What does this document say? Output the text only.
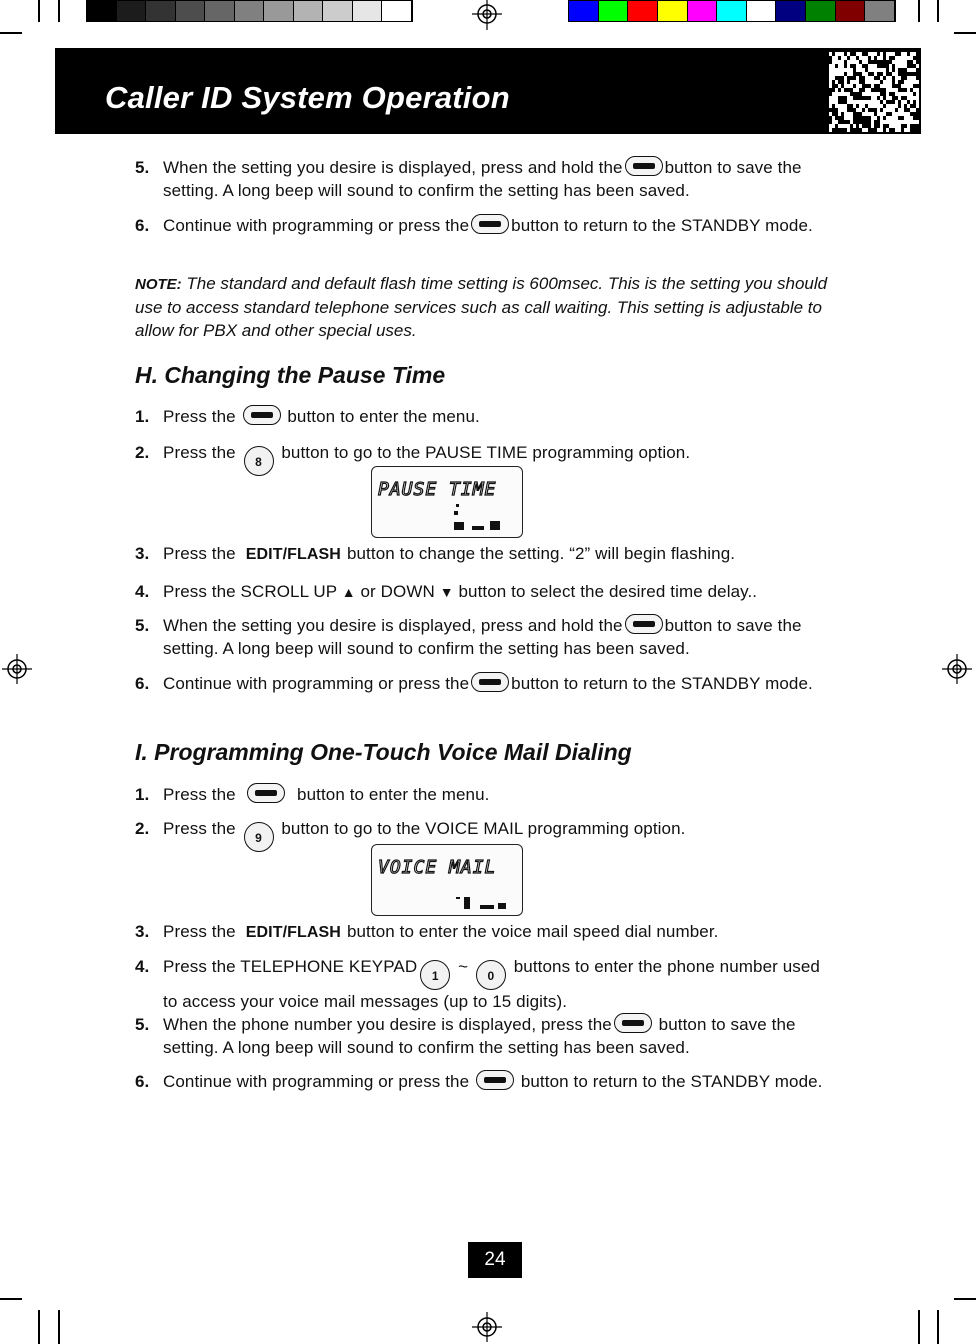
Caller ID System Operation
5. When the setting you desire is displayed, press and hold the button to save the setting. A long beep will sound to confirm the setting has been saved.
6. Continue with programming or press the button to return to the STANDBY mode.
NOTE: The standard and default flash time setting is 600msec. This is the setting you should use to access standard telephone services such as call waiting. This setting is adjustable to allow for PBX and other special uses.
H. Changing the Pause Time
1. Press the	button to enter the menu.
2. Press the 8 button to go to the PAUSE TIME programming option.
PAUSE TIME
3. Press the EDIT/FLASH button to change the setting. “2” will begin flashing.
4. Press the SCROLL UP ▲ or DOWN ▼ button to select the desired time delay..
5. When the setting you desire is displayed, press and hold the button to save the setting. A long beep will sound to confirm the setting has been saved.
6. Continue with programming or press the button to return to the STANDBY mode.
I. Programming One-Touch Voice Mail Dialing
1. Press the	button to enter the menu.
2. Press the 9 button to go to the VOICE MAIL programming option.
VOICE MAIL
3. Press the EDIT/FLASH button to enter the voice mail speed dial number.
4. Press the TELEPHONE KEYPAD 1 ~ 0 buttons to enter the phone number used to access your voice mail messages (up to 15 digits).
5. When the phone number you desire is displayed, press the	button to save the setting. A long beep will sound to confirm the setting has been saved.
6. Continue with programming or press the	button to return to the STANDBY mode.
24
